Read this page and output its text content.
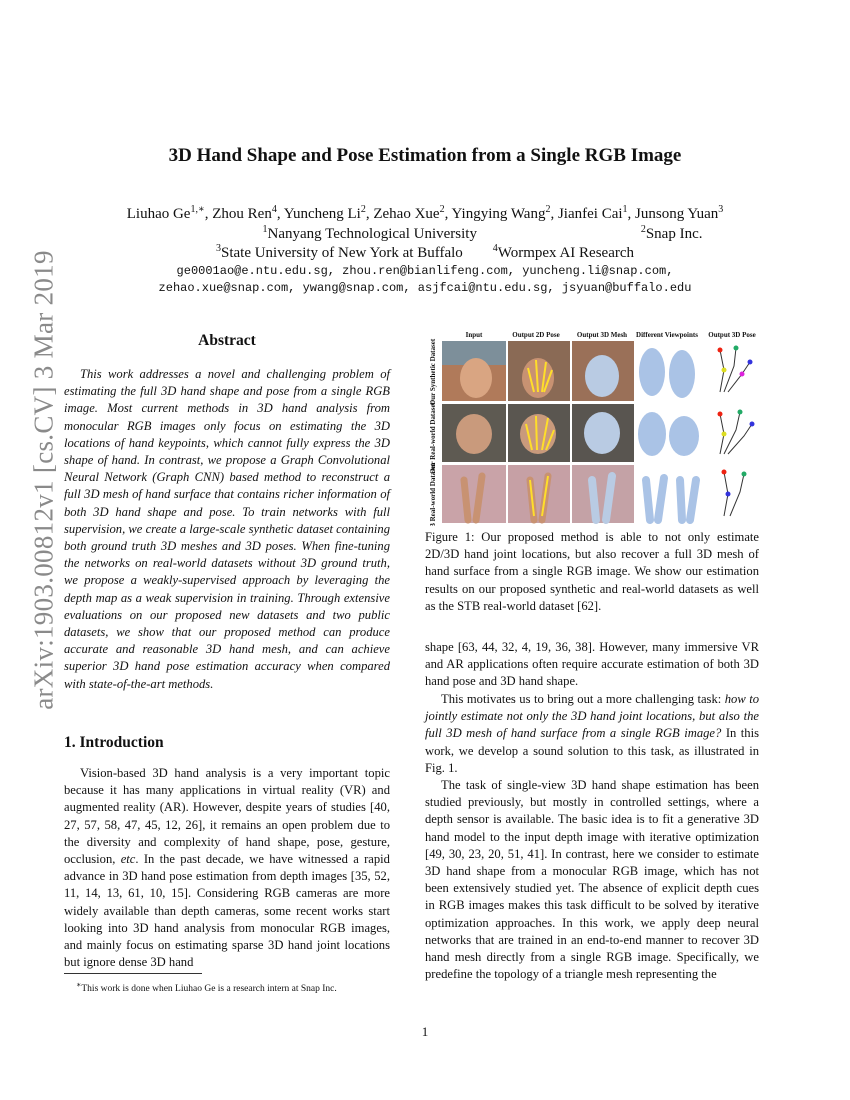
arXiv:1903.00812v1 [cs.CV] 3 Mar 2019
3D Hand Shape and Pose Estimation from a Single RGB Image
Liuhao $Ge^{1,∗}$, Zhou Ren$^4$, Yuncheng Li$^2$, Zehao Xue$^2$, Yingying Wang$^2$, Jianfei Cai$^1$, Junsong Yuan$^3$
$^1$Nanyang Technological University	$^2$Snap Inc.
$^3$State University of New York at Buffalo	$^4$Wormpex AI Research
ge0001ao@e.ntu.edu.sg, zhou.ren@bianlifeng.com, yuncheng.li@snap.com,
zehao.xue@snap.com, ywang@snap.com, asjfcai@ntu.edu.sg, jsyuan@buffalo.edu
Abstract
This work addresses a novel and challenging problem of estimating the full 3D hand shape and pose from a single RGB image. Most current methods in 3D hand analysis from monocular RGB images only focus on estimating the 3D locations of hand keypoints, which cannot fully express the 3D shape of hand. In contrast, we propose a Graph Convolutional Neural Network (Graph CNN) based method to reconstruct a full 3D mesh of hand surface that contains richer information of both 3D hand shape and pose. To train networks with full supervision, we create a large-scale synthetic dataset containing both ground truth 3D meshes and 3D poses. When fine-tuning the networks on real-world datasets without 3D ground truth, we propose a weakly-supervised approach by leveraging the depth map as a weak supervision in training. Through extensive evaluations on our proposed new datasets and two public datasets, we show that our proposed method can produce accurate and reasonable 3D hand mesh, and can achieve superior 3D hand pose estimation accuracy when compared with state-of-the-art methods.
1. Introduction
Vision-based 3D hand analysis is a very important topic because it has many applications in virtual reality (VR) and augmented reality (AR). However, despite years of studies [40, 27, 57, 58, 47, 45, 12, 26], it remains an open problem due to the diversity and complexity of hand shape, pose, gesture, occlusion, etc. In the past decade, we have witnessed a rapid advance in 3D hand pose estimation from depth images [35, 52, 11, 14, 13, 61, 10, 15]. Considering RGB cameras are more widely available than depth cameras, some recent works start looking into 3D hand analysis from monocular RGB images, and mainly focus on estimating sparse 3D hand joint locations but ignore dense 3D hand
∗This work is done when Liuhao Ge is a research intern at Snap Inc.
Input	Output 2D Pose Output 3D Mesh Different Viewpoints Output 3D Pose
Our Synthetic Dataset
Our Real-world Dataset
STB Real-world Dataset
Figure 1: Our proposed method is able to not only estimate 2D/3D hand joint locations, but also recover a full 3D mesh of hand surface from a single RGB image. We show our estimation results on our proposed synthetic and real-world datasets as well as the STB real-world dataset [62].
shape [63, 44, 32, 4, 19, 36, 38]. However, many immersive VR and AR applications often require accurate estimation of both 3D hand pose and 3D hand shape.
This motivates us to bring out a more challenging task: how to jointly estimate not only the 3D hand joint locations, but also the full 3D mesh of hand surface from a single RGB image? In this work, we develop a sound solution to this task, as illustrated in Fig. 1.
The task of single-view 3D hand shape estimation has been studied previously, but mostly in controlled settings, where a depth sensor is available. The basic idea is to fit a generative 3D hand model to the input depth image with iterative optimization [49, 30, 23, 20, 51, 41]. In contrast, here we consider to estimate 3D hand shape from a monocular RGB image, which has not been extensively studied yet. The absence of explicit depth cues in RGB images makes this task difficult to be solved by iterative optimization approaches. In this work, we apply deep neural networks that are trained in an end-to-end manner to recover 3D hand mesh directly from a single RGB image. Specifically, we predefine the topology of a triangle mesh representing the
1
